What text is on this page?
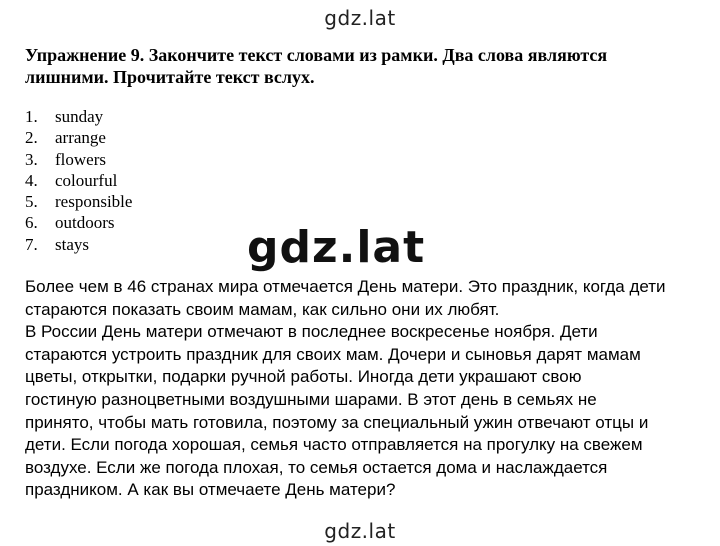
gdz.lat
Упражнение 9. Закончите текст словами из рамки. Два слова являются
лишними. Прочитайте текст вслух.
1.	sunday
2.	arrange
3.	flowers
4.	colourful
5.	responsible
6.	outdoors
7.	stays

Более чем в 46 странах мира отмечается День матери. Это праздник, когда дети

стараются показать своим мамам, как сильно они их любят.

В России День матери отмечают в последнее воскресенье ноября. Дети

стараются устроить праздник для своих мам. Дочери и сыновья дарят мамам

цветы, открытки, подарки ручной работы. Иногда дети украшают свою

гостиную разноцветными воздушными шарами. В этот день в семьях не

принято, чтобы мать готовила, поэтому за специальный ужин отвечают отцы и

дети. Если погода хорошая, семья часто отправляется на прогулку на свежем

воздухе. Если же погода плохая, то семья остается дома и наслаждается

праздником. А как вы отмечаете День матери?

gdz.lat
gdz.lat
